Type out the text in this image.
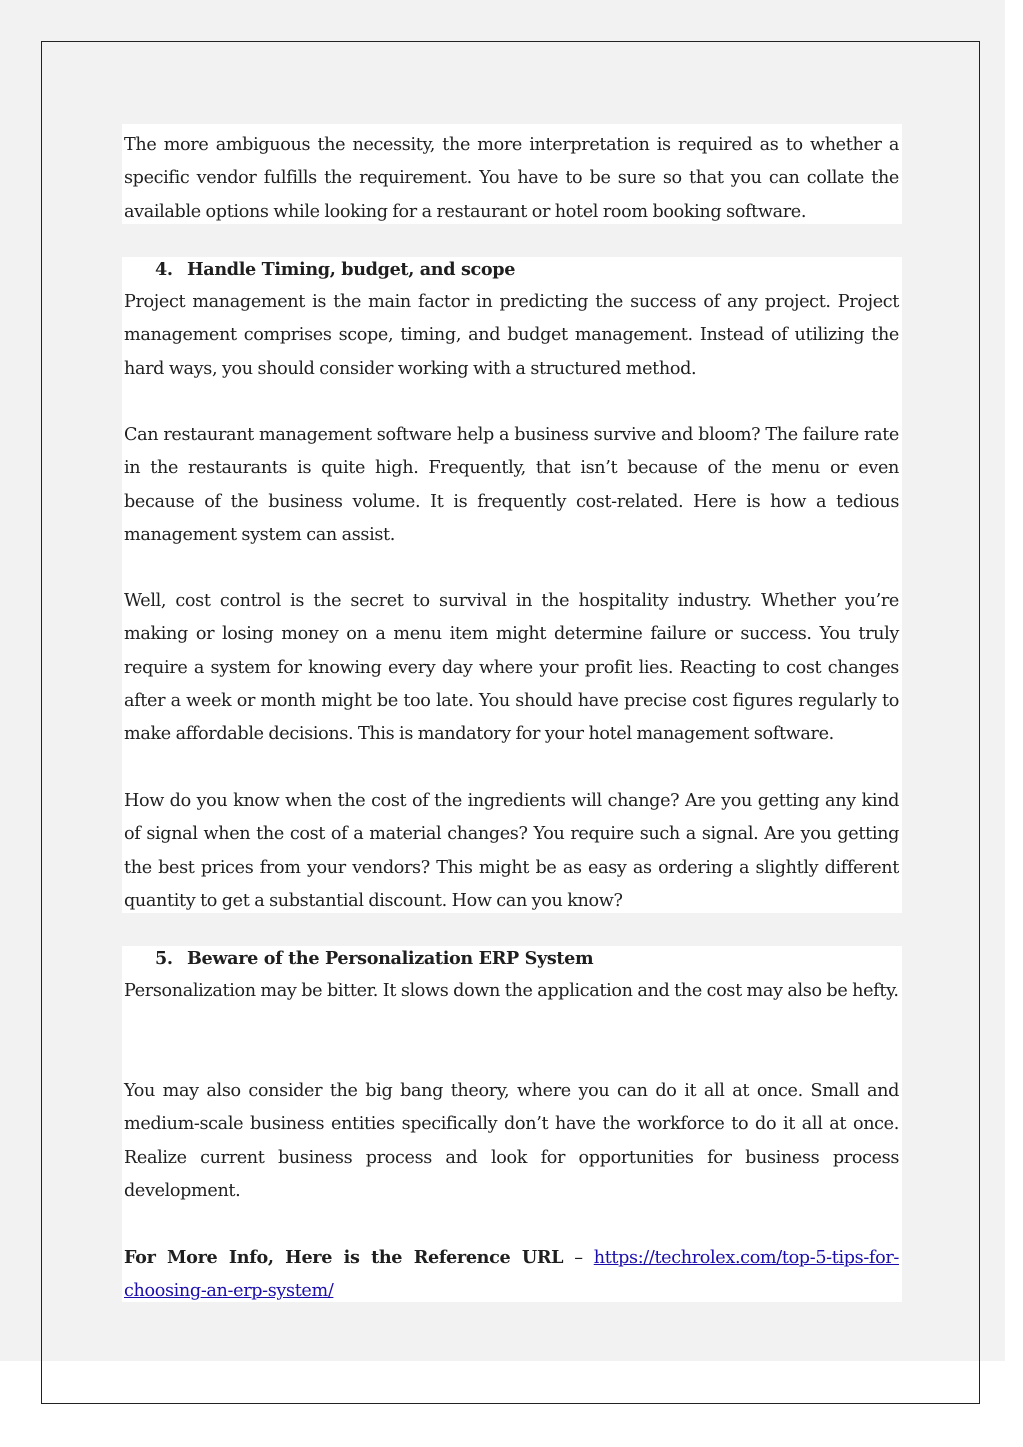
The more ambiguous the necessity, the more interpretation is required as to whether a specific vendor fulfills the requirement. You have to be sure so that you can collate the available options while looking for a restaurant or hotel room booking software.

4. Handle Timing, budget, and scope

Project management is the main factor in predicting the success of any project. Project management comprises scope, timing, and budget management. Instead of utilizing the hard ways, you should consider working with a structured method.

Can restaurant management software help a business survive and bloom? The failure rate in the restaurants is quite high. Frequently, that isn’t because of the menu or even because of the business volume. It is frequently cost-related. Here is how a tedious management system can assist.

Well, cost control is the secret to survival in the hospitality industry. Whether you’re making or losing money on a menu item might determine failure or success. You truly require a system for knowing every day where your profit lies. Reacting to cost changes after a week or month might be too late. You should have precise cost figures regularly to make affordable decisions. This is mandatory for your hotel management software.

How do you know when the cost of the ingredients will change? Are you getting any kind of signal when the cost of a material changes? You require such a signal. Are you getting the best prices from your vendors? This might be as easy as ordering a slightly different quantity to get a substantial discount. How can you know?

5. Beware of the Personalization ERP System

Personalization may be bitter. It slows down the application and the cost may also be hefty.

You may also consider the big bang theory, where you can do it all at once. Small and medium-scale business entities specifically don’t have the workforce to do it all at once. Realize current business process and look for opportunities for business process development.

For More Info, Here is the Reference URL – https://techrolex.com/top-5-tips-for-choosing-an-erp-system/
